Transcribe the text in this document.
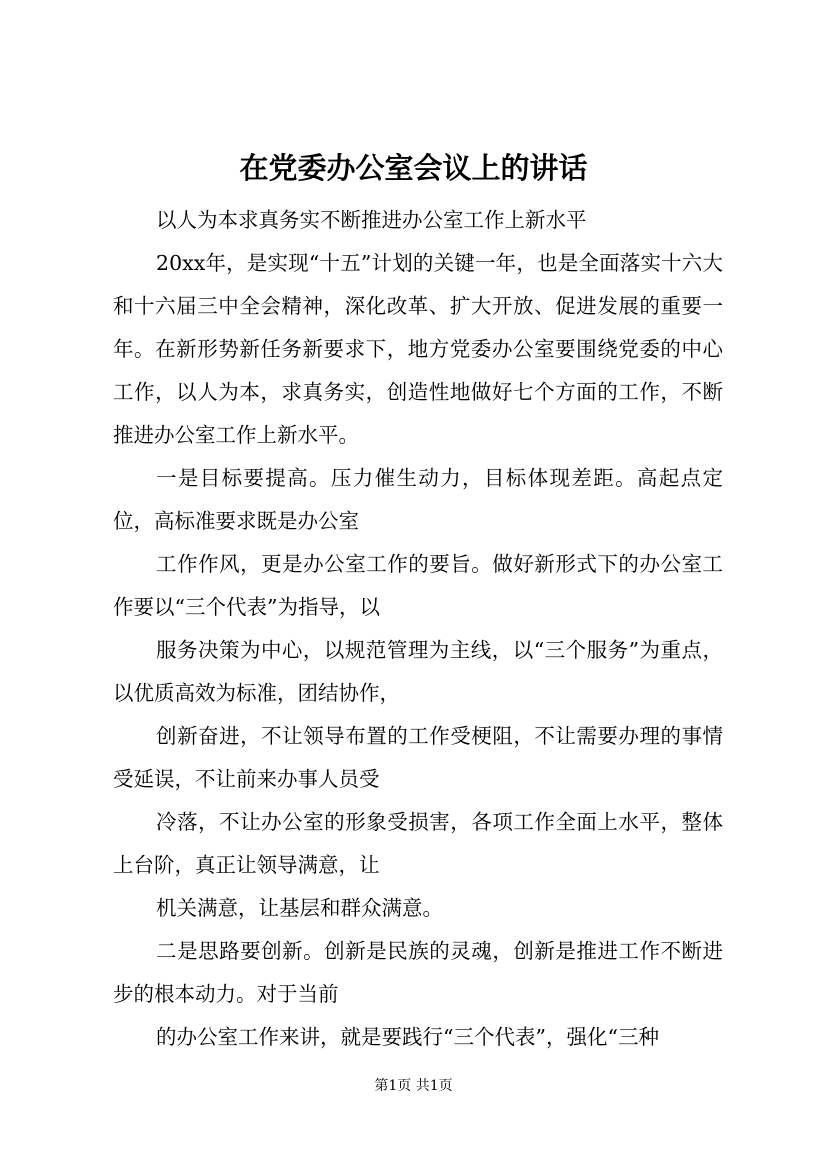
在党委办公室会议上的讲话

以人为本求真务实不断推进办公室工作上新水平

20xx年，是实现“十五”计划的关键一年，也是全面落实十六大和十六届三中全会精神，深化改革、扩大开放、促进发展的重要一年。在新形势新任务新要求下，地方党委办公室要围绕党委的中心工作，以人为本，求真务实，创造性地做好七个方面的工作，不断推进办公室工作上新水平。

一是目标要提高。压力催生动力，目标体现差距。高起点定位，高标准要求既是办公室

工作作风，更是办公室工作的要旨。做好新形式下的办公室工作要以“三个代表”为指导，以

服务决策为中心，以规范管理为主线，以“三个服务”为重点，以优质高效为标准，团结协作，

创新奋进，不让领导布置的工作受梗阻，不让需要办理的事情受延误，不让前来办事人员受

冷落，不让办公室的形象受损害，各项工作全面上水平，整体上台阶，真正让领导满意，让

机关满意，让基层和群众满意。

二是思路要创新。创新是民族的灵魂，创新是推进工作不断进步的根本动力。对于当前

的办公室工作来讲，就是要践行“三个代表”，强化“三种

第1页 共1页
